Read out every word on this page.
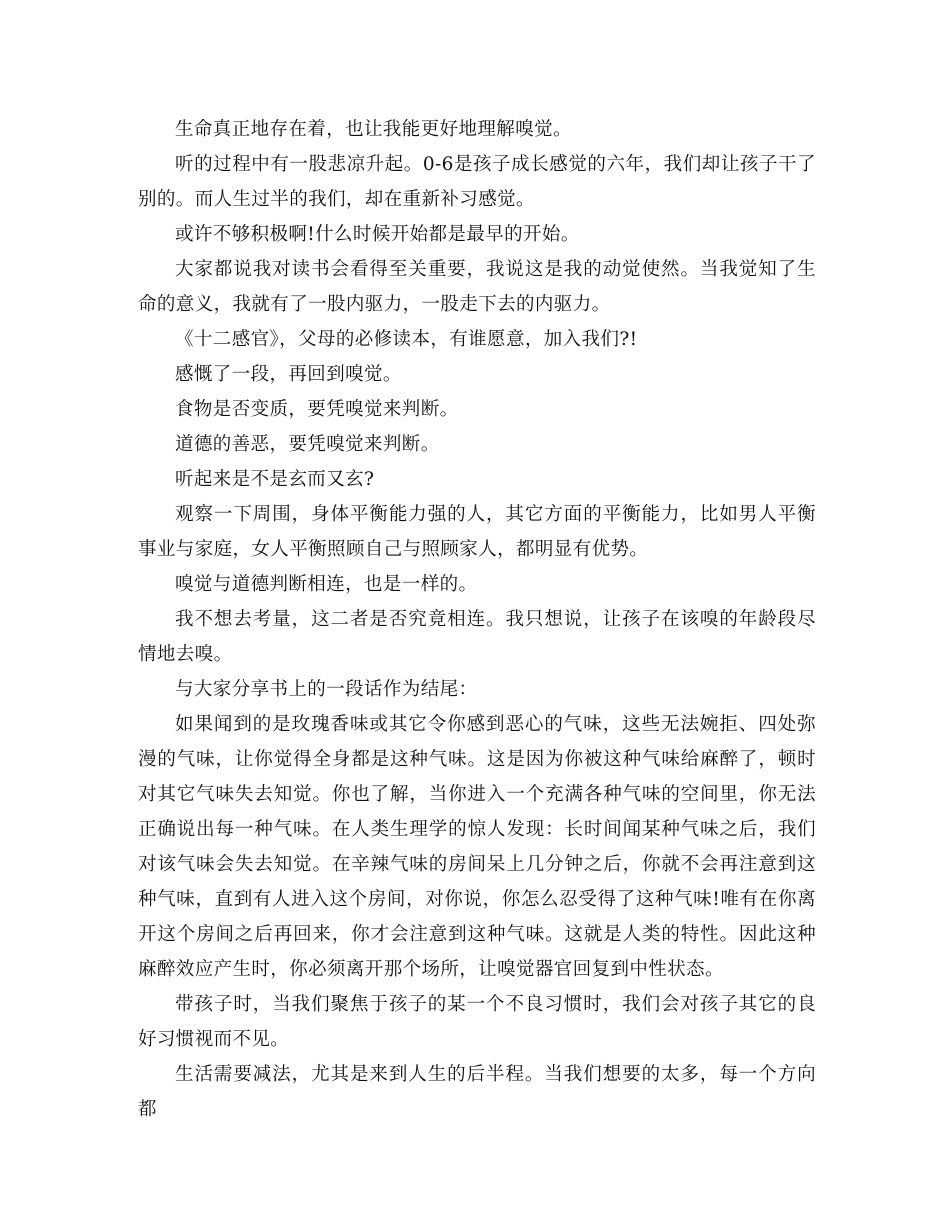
生命真正地存在着，也让我能更好地理解嗅觉。

听的过程中有一股悲凉升起。0-6是孩子成长感觉的六年，我们却让孩子干了别的。而人生过半的我们，却在重新补习感觉。

或许不够积极啊!什么时候开始都是最早的开始。

大家都说我对读书会看得至关重要，我说这是我的动觉使然。当我觉知了生命的意义，我就有了一股内驱力，一股走下去的内驱力。

《十二感官》，父母的必修读本，有谁愿意，加入我们?!

感慨了一段，再回到嗅觉。

食物是否变质，要凭嗅觉来判断。

道德的善恶，要凭嗅觉来判断。

听起来是不是玄而又玄?

观察一下周围，身体平衡能力强的人，其它方面的平衡能力，比如男人平衡事业与家庭，女人平衡照顾自己与照顾家人，都明显有优势。

嗅觉与道德判断相连，也是一样的。

我不想去考量，这二者是否究竟相连。我只想说，让孩子在该嗅的年龄段尽情地去嗅。

与大家分享书上的一段话作为结尾：

如果闻到的是玫瑰香味或其它令你感到恶心的气味，这些无法婉拒、四处弥漫的气味，让你觉得全身都是这种气味。这是因为你被这种气味给麻醉了，顿时对其它气味失去知觉。你也了解，当你进入一个充满各种气味的空间里，你无法正确说出每一种气味。在人类生理学的惊人发现：长时间闻某种气味之后，我们对该气味会失去知觉。在辛辣气味的房间呆上几分钟之后，你就不会再注意到这种气味，直到有人进入这个房间，对你说，你怎么忍受得了这种气味!唯有在你离开这个房间之后再回来，你才会注意到这种气味。这就是人类的特性。因此这种麻醉效应产生时，你必须离开那个场所，让嗅觉器官回复到中性状态。

带孩子时，当我们聚焦于孩子的某一个不良习惯时，我们会对孩子其它的良好习惯视而不见。

生活需要减法，尤其是来到人生的后半程。当我们想要的太多，每一个方向都
